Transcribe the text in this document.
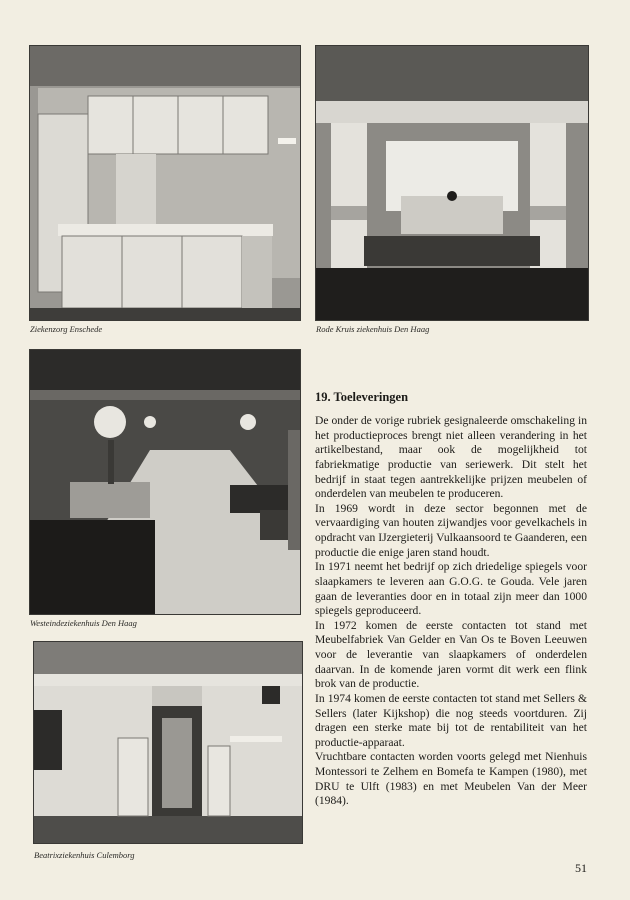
Ziekenzorg Enschede	Rode Kruis ziekenhuis Den Haag

Westeindeziekenhuis Den Haag

Beatrixziekenhuis Culemborg

19. Toeleveringen

De onder de vorige rubriek gesignaleerde omschakeling in het productieproces brengt niet alleen verandering in het artikelbestand, maar ook de mogelijkheid tot fabriekmatige productie van seriewerk. Dit stelt het bedrijf in staat tegen aantrekkelijke prijzen meubelen of onderdelen van meubelen te produceren.

In 1969 wordt in deze sector begonnen met de vervaardiging van houten zijwandjes voor gevelkachels in opdracht van IJzergieterij Vulkaansoord te Gaanderen, een productie die enige jaren stand houdt.

In 1971 neemt het bedrijf op zich driedelige spiegels voor slaapkamers te leveren aan G.O.G. te Gouda. Vele jaren gaan de leveranties door en in totaal zijn meer dan 1000 spiegels geproduceerd.

In 1972 komen de eerste contacten tot stand met Meubelfabriek Van Gelder en Van Os te Boven Leeuwen voor de leverantie van slaapkamers of onderdelen daarvan. In de komende jaren vormt dit werk een flink brok van de productie.

In 1974 komen de eerste contacten tot stand met Sellers & Sellers (later Kijkshop) die nog steeds voortduren. Zij dragen een sterke mate bij tot de rentabiliteit van het productie-apparaat.

Vruchtbare contacten worden voorts gelegd met Nienhuis Montessori te Zelhem en Bomefa te Kampen (1980), met DRU te Ulft (1983) en met Meubelen Van der Meer (1984).

51
